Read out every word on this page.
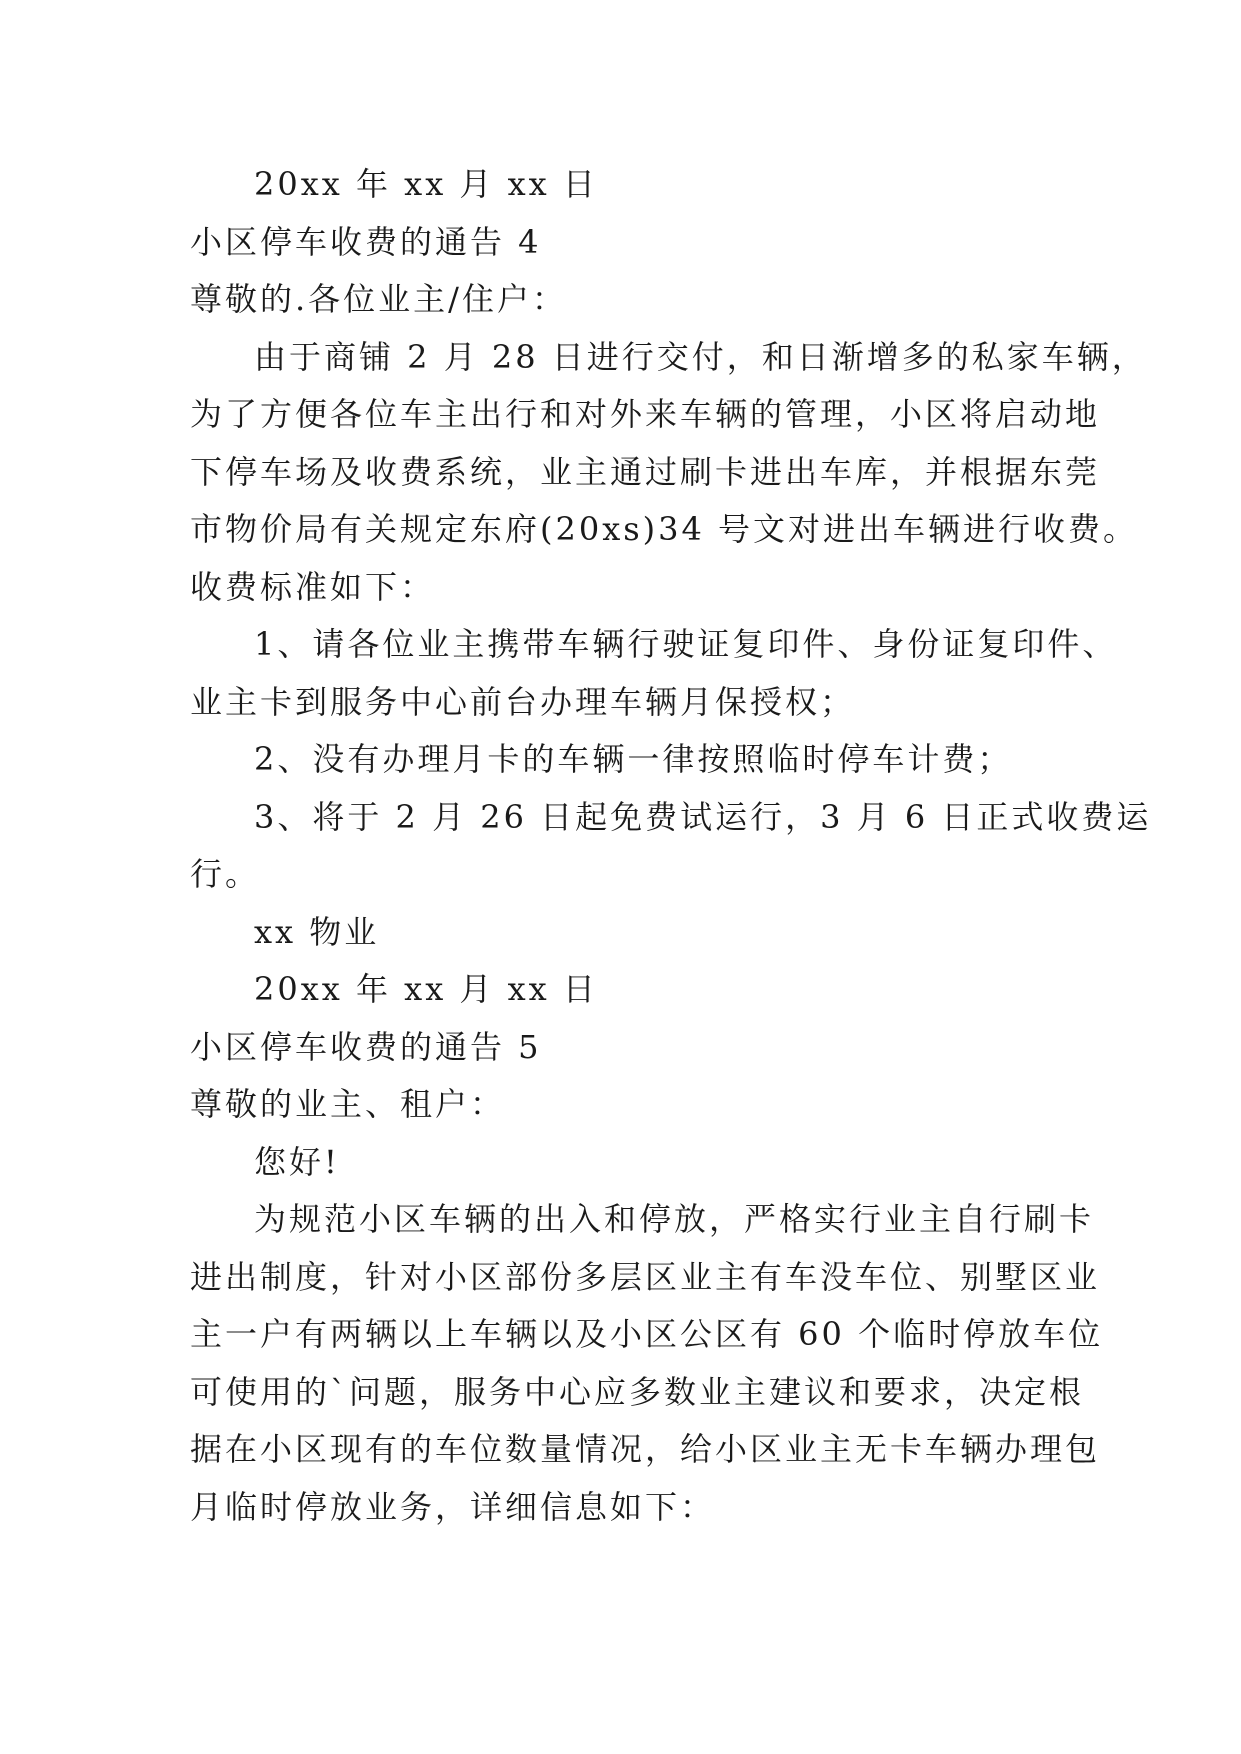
20xx 年 xx 月 xx 日

小区停车收费的通告 4

尊敬的.各位业主/住户：

由于商铺 2 月 28 日进行交付，和日渐增多的私家车辆，

为了方便各位车主出行和对外来车辆的管理，小区将启动地

下停车场及收费系统，业主通过刷卡进出车库，并根据东莞

市物价局有关规定东府(20xs)34 号文对进出车辆进行收费。

收费标准如下：

1、请各位业主携带车辆行驶证复印件、身份证复印件、

业主卡到服务中心前台办理车辆月保授权；

2、没有办理月卡的车辆一律按照临时停车计费；

3、将于 2 月 26 日起免费试运行，3 月 6 日正式收费运

行。

xx 物业

20xx 年 xx 月 xx 日

小区停车收费的通告 5

尊敬的业主、租户：

您好!

为规范小区车辆的出入和停放，严格实行业主自行刷卡

进出制度，针对小区部份多层区业主有车没车位、别墅区业

主一户有两辆以上车辆以及小区公区有 60 个临时停放车位

可使用的`问题，服务中心应多数业主建议和要求，决定根

据在小区现有的车位数量情况，给小区业主无卡车辆办理包

月临时停放业务，详细信息如下：
